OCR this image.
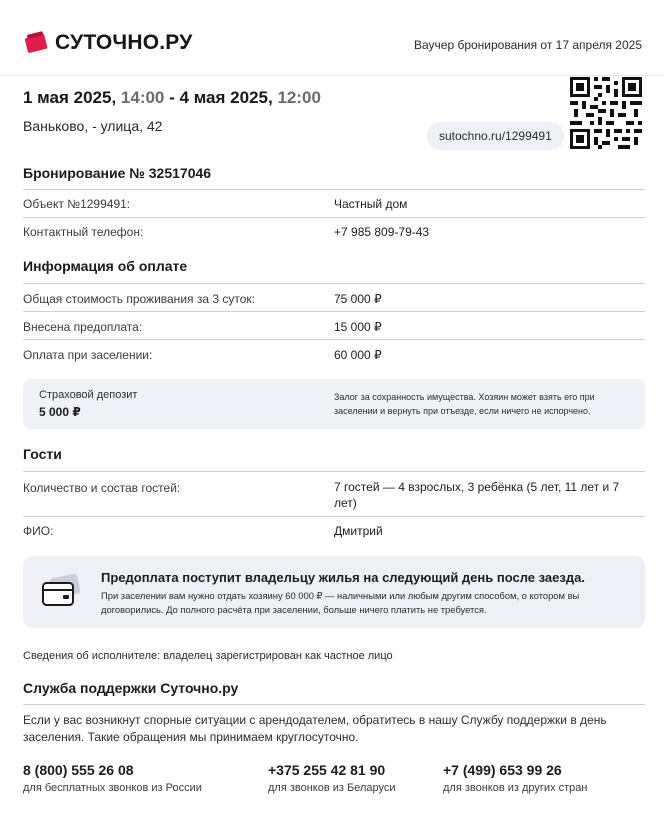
СУТОЧНО.РУ	Ваучер бронирования от 17 апреля 2025
1 мая 2025, 14:00 - 4 мая 2025, 12:00
Ваньково, - улица, 42
sutochno.ru/1299491
Бронирование № 32517046
Объект №1299491:	Частный дом
Контактный телефон:	+7 985 809-79-43
Информация об оплате
Общая стоимость проживания за 3 суток:	75 000 ₽
Внесена предоплата:	15 000 ₽
Оплата при заселении:	60 000 ₽
Страховой депозит
5 000 ₽
Залог за сохранность имущества. Хозяин может взять его при заселении и вернуть при отъезде, если ничего не испорчено.
Гости
Количество и состав гостей:	7 гостей — 4 взрослых, 3 ребёнка (5 лет, 11 лет и 7 лет)
ФИО:	Дмитрий
Предоплата поступит владельцу жилья на следующий день после заезда.
При заселении вам нужно отдать хозяину 60 000 ₽ — наличными или любым другим способом, о котором вы договорились. До полного расчёта при заселении, больше ничего платить не требуется.
Сведения об исполнителе: владелец зарегистрирован как частное лицо
Служба поддержки Суточно.ру
Если у вас возникнут спорные ситуации с арендодателем, обратитесь в нашу Службу поддержки в день заселения. Такие обращения мы принимаем круглосуточно.
8 (800) 555 26 08
для бесплатных звонков из России
+375 255 42 81 90
для звонков из Беларуси
+7 (499) 653 99 26
для звонков из других стран
